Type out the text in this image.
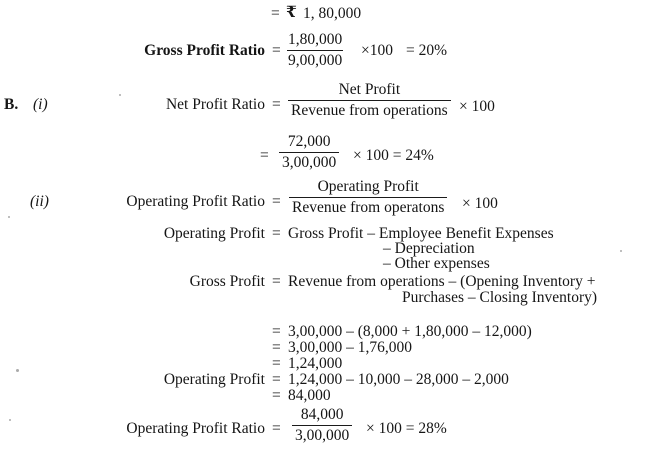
= ₹ 1, 80,000
Gross Profit Ratio =
1,80,000
9,00,000
×100 = 20%
B. (i)	Net Profit Ratio =
Net Profit
Revenue from operations × 100
=
72,000
3,00,000 × 100 = 24%
(ii)	Operating Profit Ratio =
Operating Profit
Revenue from operatons × 100
Operating Profit = Gross Profit – Employee Benefit Expenses
– Depreciation
– Other expenses
Gross Profit = Revenue from operations – (Opening Inventory +
Purchases – Closing Inventory)
= 3,00,000 – (8,000 + 1,80,000 – 12,000)
= 3,00,000 – 1,76,000
= 1,24,000
Operating Profit = 1,24,000 – 10,000 – 28,000 – 2,000
= 84,000
Operating Profit Ratio =
84,000
3,00,000 × 100 = 28%
